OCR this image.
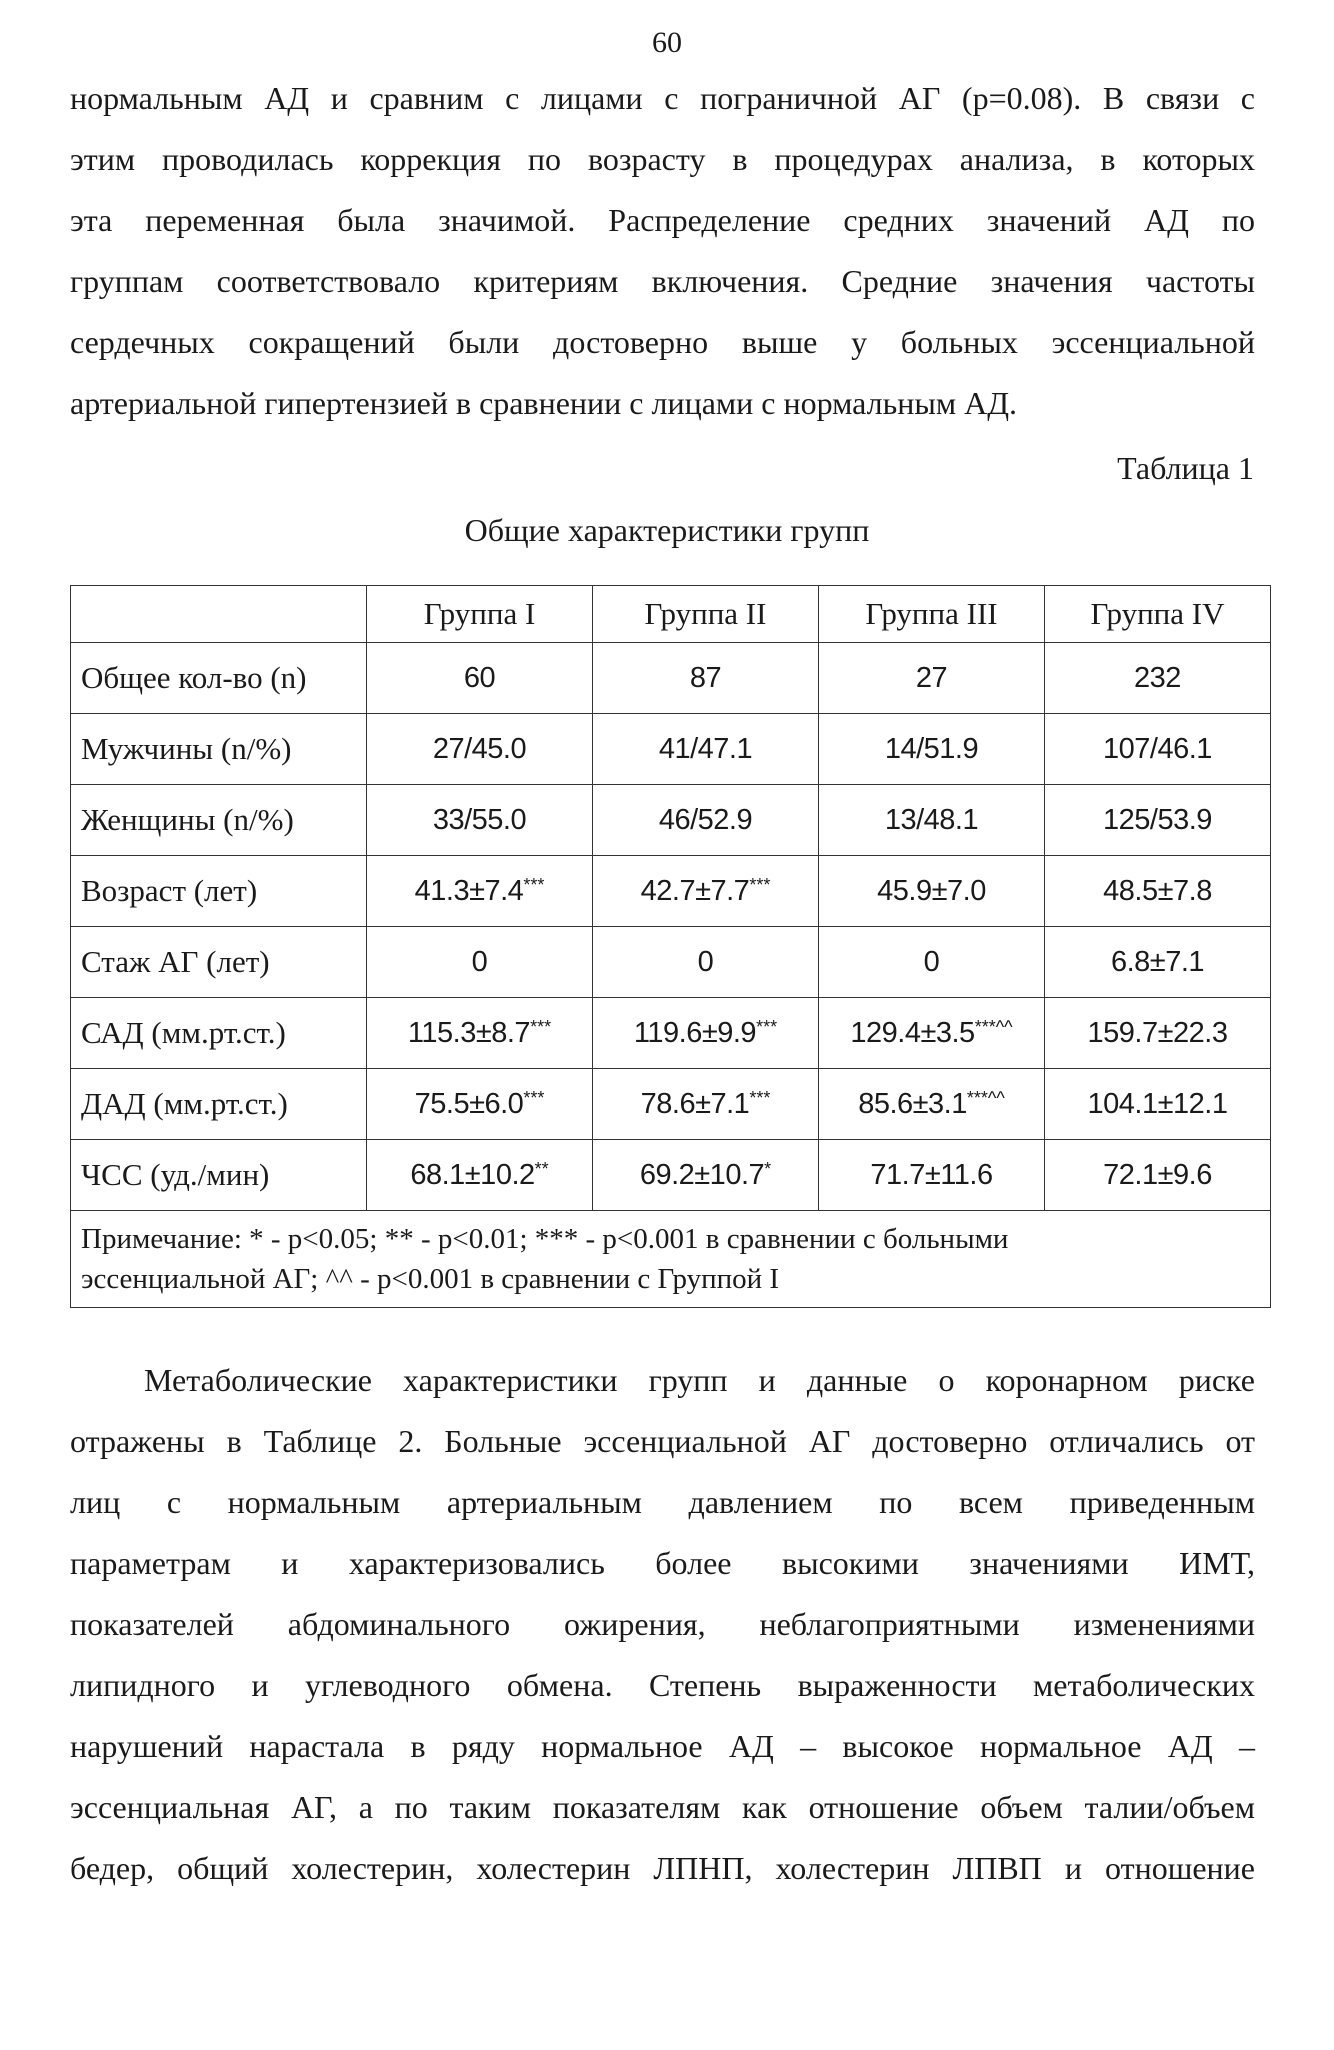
60
нормальным АД и сравним с лицами с пограничной АГ (p=0.08). В связи с
этим проводилась коррекция по возрасту в процедурах анализа, в которых
эта переменная была значимой. Распределение средних значений АД по
группам соответствовало критериям включения. Средние значения частоты
сердечных сокращений были достоверно выше у больных эссенциальной
артериальной гипертензией в сравнении с лицами с нормальным АД.
Таблица 1
Общие характеристики групп
	Группа I	Группа II	Группа III	Группа IV
Общее кол-во (n)	60	87	27	232
Мужчины (n/%)	27/45.0	41/47.1	14/51.9	107/46.1
Женщины (n/%)	33/55.0	46/52.9	13/48.1	125/53.9
Возраст (лет)	41.3±7.4***	42.7±7.7***	45.9±7.0	48.5±7.8
Стаж АГ (лет)	0	0	0	6.8±7.1
САД (мм.рт.ст.)	115.3±8.7***	119.6±9.9***	129.4±3.5***^^	159.7±22.3
ДАД (мм.рт.ст.)	75.5±6.0***	78.6±7.1***	85.6±3.1***^^	104.1±12.1
ЧСС (уд./мин)	68.1±10.2**	69.2±10.7*	71.7±11.6	72.1±9.6
Примечание: * - p<0.05; ** - p<0.01; *** - p<0.001 в сравнении с больными
эссенциальной АГ; ^^ - p<0.001 в сравнении с Группой I				
Метаболические характеристики групп и данные о коронарном риске
отражены в Таблице 2. Больные эссенциальной АГ достоверно отличались от
лиц с нормальным артериальным давлением по всем приведенным
параметрам и характеризовались более высокими значениями ИМТ,
показателей абдоминального ожирения, неблагоприятными изменениями
липидного и углеводного обмена. Степень выраженности метаболических
нарушений нарастала в ряду нормальное АД – высокое нормальное АД –
эссенциальная АГ, а по таким показателям как отношение объем талии/объем
бедер, общий холестерин, холестерин ЛПНП, холестерин ЛПВП и отношение
